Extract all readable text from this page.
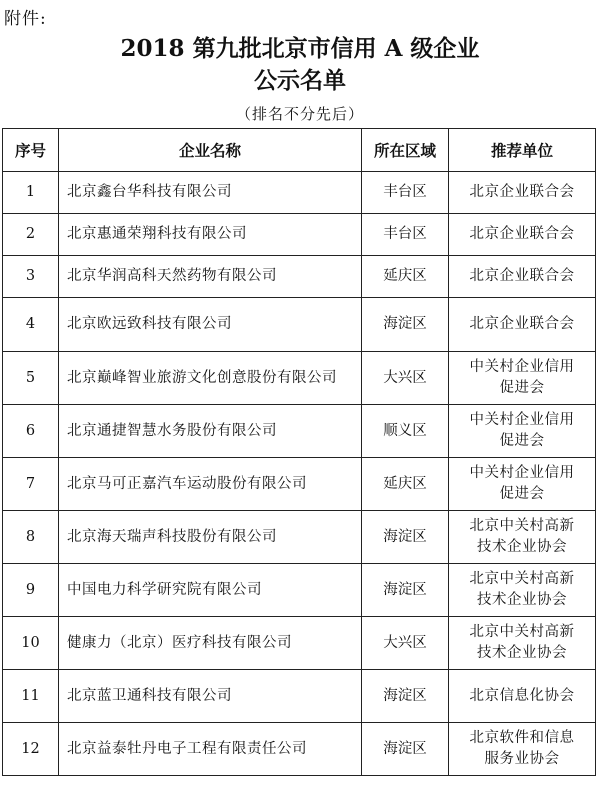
附件:
2018 第九批北京市信用 A 级企业
公示名单
（排名不分先后）
序号	企业名称	所在区域	推荐单位
1	北京鑫台华科技有限公司	丰台区	北京企业联合会

2	北京惠通荣翔科技有限公司	丰台区	北京企业联合会

3	北京华润高科天然药物有限公司	延庆区	北京企业联合会

4	北京欧远致科技有限公司	海淀区	北京企业联合会

5	北京巅峰智业旅游文化创意股份有限公司	大兴区	中关村企业信用
促进会

6	北京通捷智慧水务股份有限公司	顺义区	中关村企业信用
促进会

7	北京马可正嘉汽车运动股份有限公司	延庆区	中关村企业信用
促进会

8	北京海天瑞声科技股份有限公司	海淀区	北京中关村高新
技术企业协会

9	中国电力科学研究院有限公司	海淀区	北京中关村高新
技术企业协会

10	健康力（北京）医疗科技有限公司	大兴区	北京中关村高新
技术企业协会

11	北京蓝卫通科技有限公司	海淀区	北京信息化协会

12	北京益泰牡丹电子工程有限责任公司	海淀区	北京软件和信息
服务业协会
